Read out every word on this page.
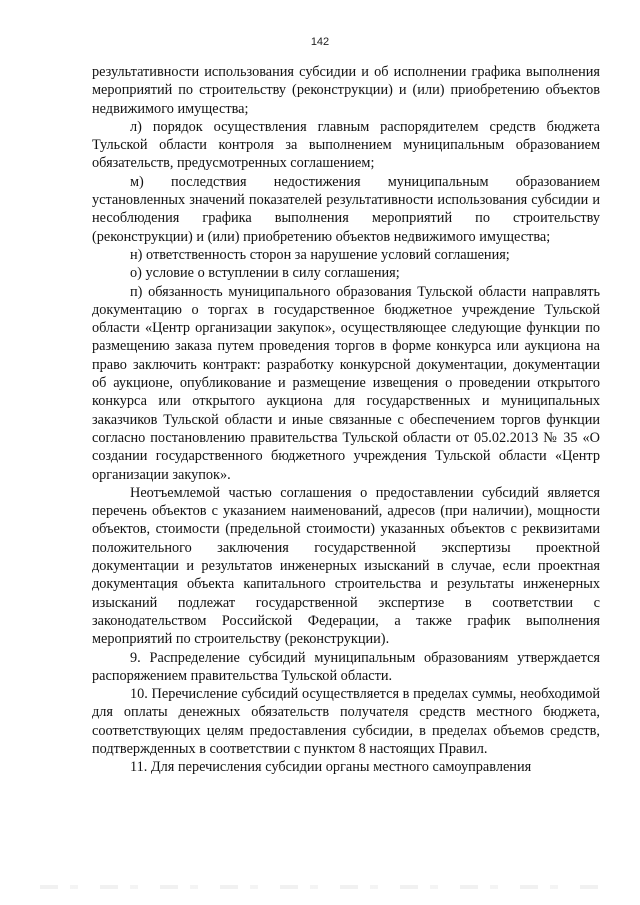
142

результативности использования субсидии и об исполнении графика выполнения мероприятий по строительству (реконструкции) и (или) приобретению объектов недвижимого имущества;

л) порядок осуществления главным распорядителем средств бюджета Тульской области контроля за выполнением муниципальным образованием обязательств, предусмотренных соглашением;

м) последствия недостижения муниципальным образованием установленных значений показателей результативности использования субсидии и несоблюдения графика выполнения мероприятий по строительству (реконструкции) и (или) приобретению объектов недвижимого имущества;

н) ответственность сторон за нарушение условий соглашения;

о) условие о вступлении в силу соглашения;

п) обязанность муниципального образования Тульской области направлять документацию о торгах в государственное бюджетное учреждение Тульской области «Центр организации закупок», осуществляющее следующие функции по размещению заказа путем проведения торгов в форме конкурса или аукциона на право заключить контракт: разработку конкурсной документации, документации об аукционе, опубликование и размещение извещения о проведении открытого конкурса или открытого аукциона для государственных и муниципальных заказчиков Тульской области и иные связанные с обеспечением торгов функции согласно постановлению правительства Тульской области от 05.02.2013 № 35 «О создании государственного бюджетного учреждения Тульской области «Центр организации закупок».

Неотъемлемой частью соглашения о предоставлении субсидий является перечень объектов с указанием наименований, адресов (при наличии), мощности объектов, стоимости (предельной стоимости) указанных объектов с реквизитами положительного заключения государственной экспертизы проектной документации и результатов инженерных изысканий в случае, если проектная документация объекта капитального строительства и результаты инженерных изысканий подлежат государственной экспертизе в соответствии с законодательством Российской Федерации, а также график выполнения мероприятий по строительству (реконструкции).

9. Распределение субсидий муниципальным образованиям утверждается распоряжением правительства Тульской области.

10. Перечисление субсидий осуществляется в пределах суммы, необходимой для оплаты денежных обязательств получателя средств местного бюджета, соответствующих целям предоставления субсидии, в пределах объемов средств, подтвержденных в соответствии с пунктом 8 настоящих Правил.

11. Для перечисления субсидии органы местного самоуправления
